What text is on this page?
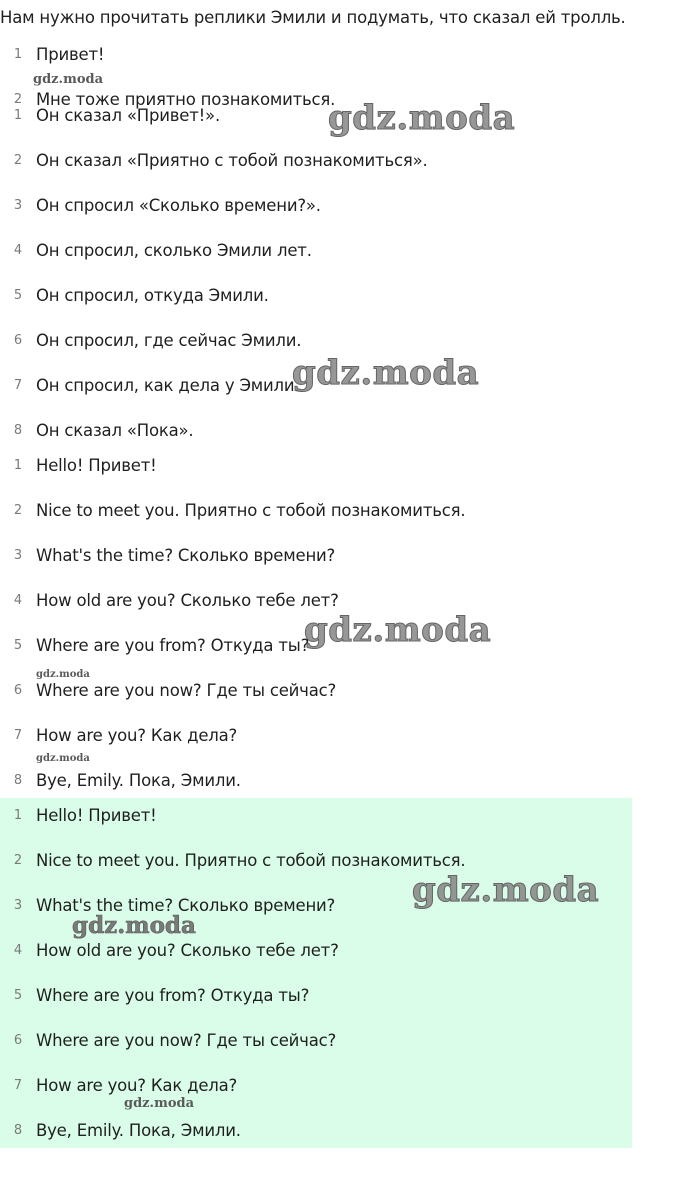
Нам нужно прочитать реплики Эмили и подумать, что сказал ей тролль.
1 Привет!
2 Мне тоже приятно познакомиться.
gdz.moda
1 Он сказал «Привет!».
2 Он сказал «Приятно с тобой познакомиться».
3 Он спросил «Сколько времени?».
4 Он спросил, сколько Эмили лет.
5 Он спросил, откуда Эмили.
6 Он спросил, где сейчас Эмили.
7 Он спросил, как дела у Эмили.
8 Он сказал «Пока».
1 Hello! Привет!
2 Nice to meet you. Приятно с тобой познакомиться.
3 What's the time? Сколько времени?
4 How old are you? Сколько тебе лет?
5 Where are you from? Откуда ты?
6 Where are you now? Где ты сейчас?
7 How are you? Как дела?
8 Bye, Emily. Пока, Эмили.
1 Hello! Привет!
2 Nice to meet you. Приятно с тобой познакомиться.
3 What's the time? Сколько времени?
4 How old are you? Сколько тебе лет?
5 Where are you from? Откуда ты?
6 Where are you now? Где ты сейчас?
7 How are you? Как дела?
8 Bye, Emily. Пока, Эмили.
gdz.moda
gdz.moda
gdz.moda
gdz.moda
gdz.moda
gdz.moda
gdz.moda
gdz.moda
